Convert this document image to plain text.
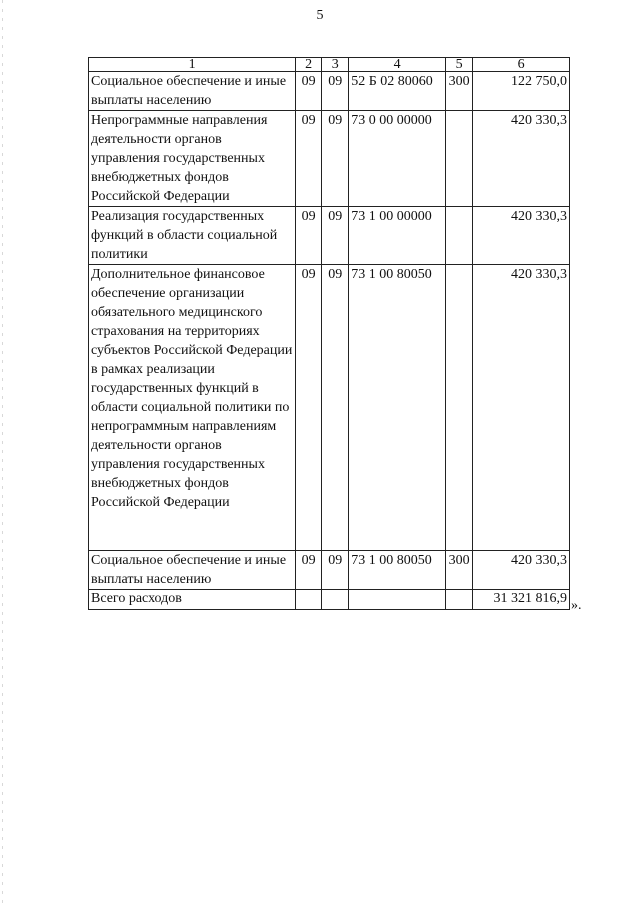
5
1	2	3	4	5	6
Социальное обеспечение и иные выплаты населению	09	09	52 Б 02 80060	300	122 750,0
Непрограммные направления деятельности органов управления государственных внебюджетных фондов Российской Федерации	09	09	73 0 00 00000		420 330,3
Реализация государственных функций в области социальной политики	09	09	73 1 00 00000		420 330,3
Дополнительное финансовое обеспечение организации обязательного медицинского страхования на территориях субъектов Российской Федерации в рамках реализации государственных функций в области социальной политики по непрограммным направлениям деятельности органов управления государственных внебюджетных фондов Российской Федерации	09	09	73 1 00 80050		420 330,3
Социальное обеспечение и иные выплаты населению	09	09	73 1 00 80050	300	420 330,3
Всего расходов					31 321 816,9 ».
